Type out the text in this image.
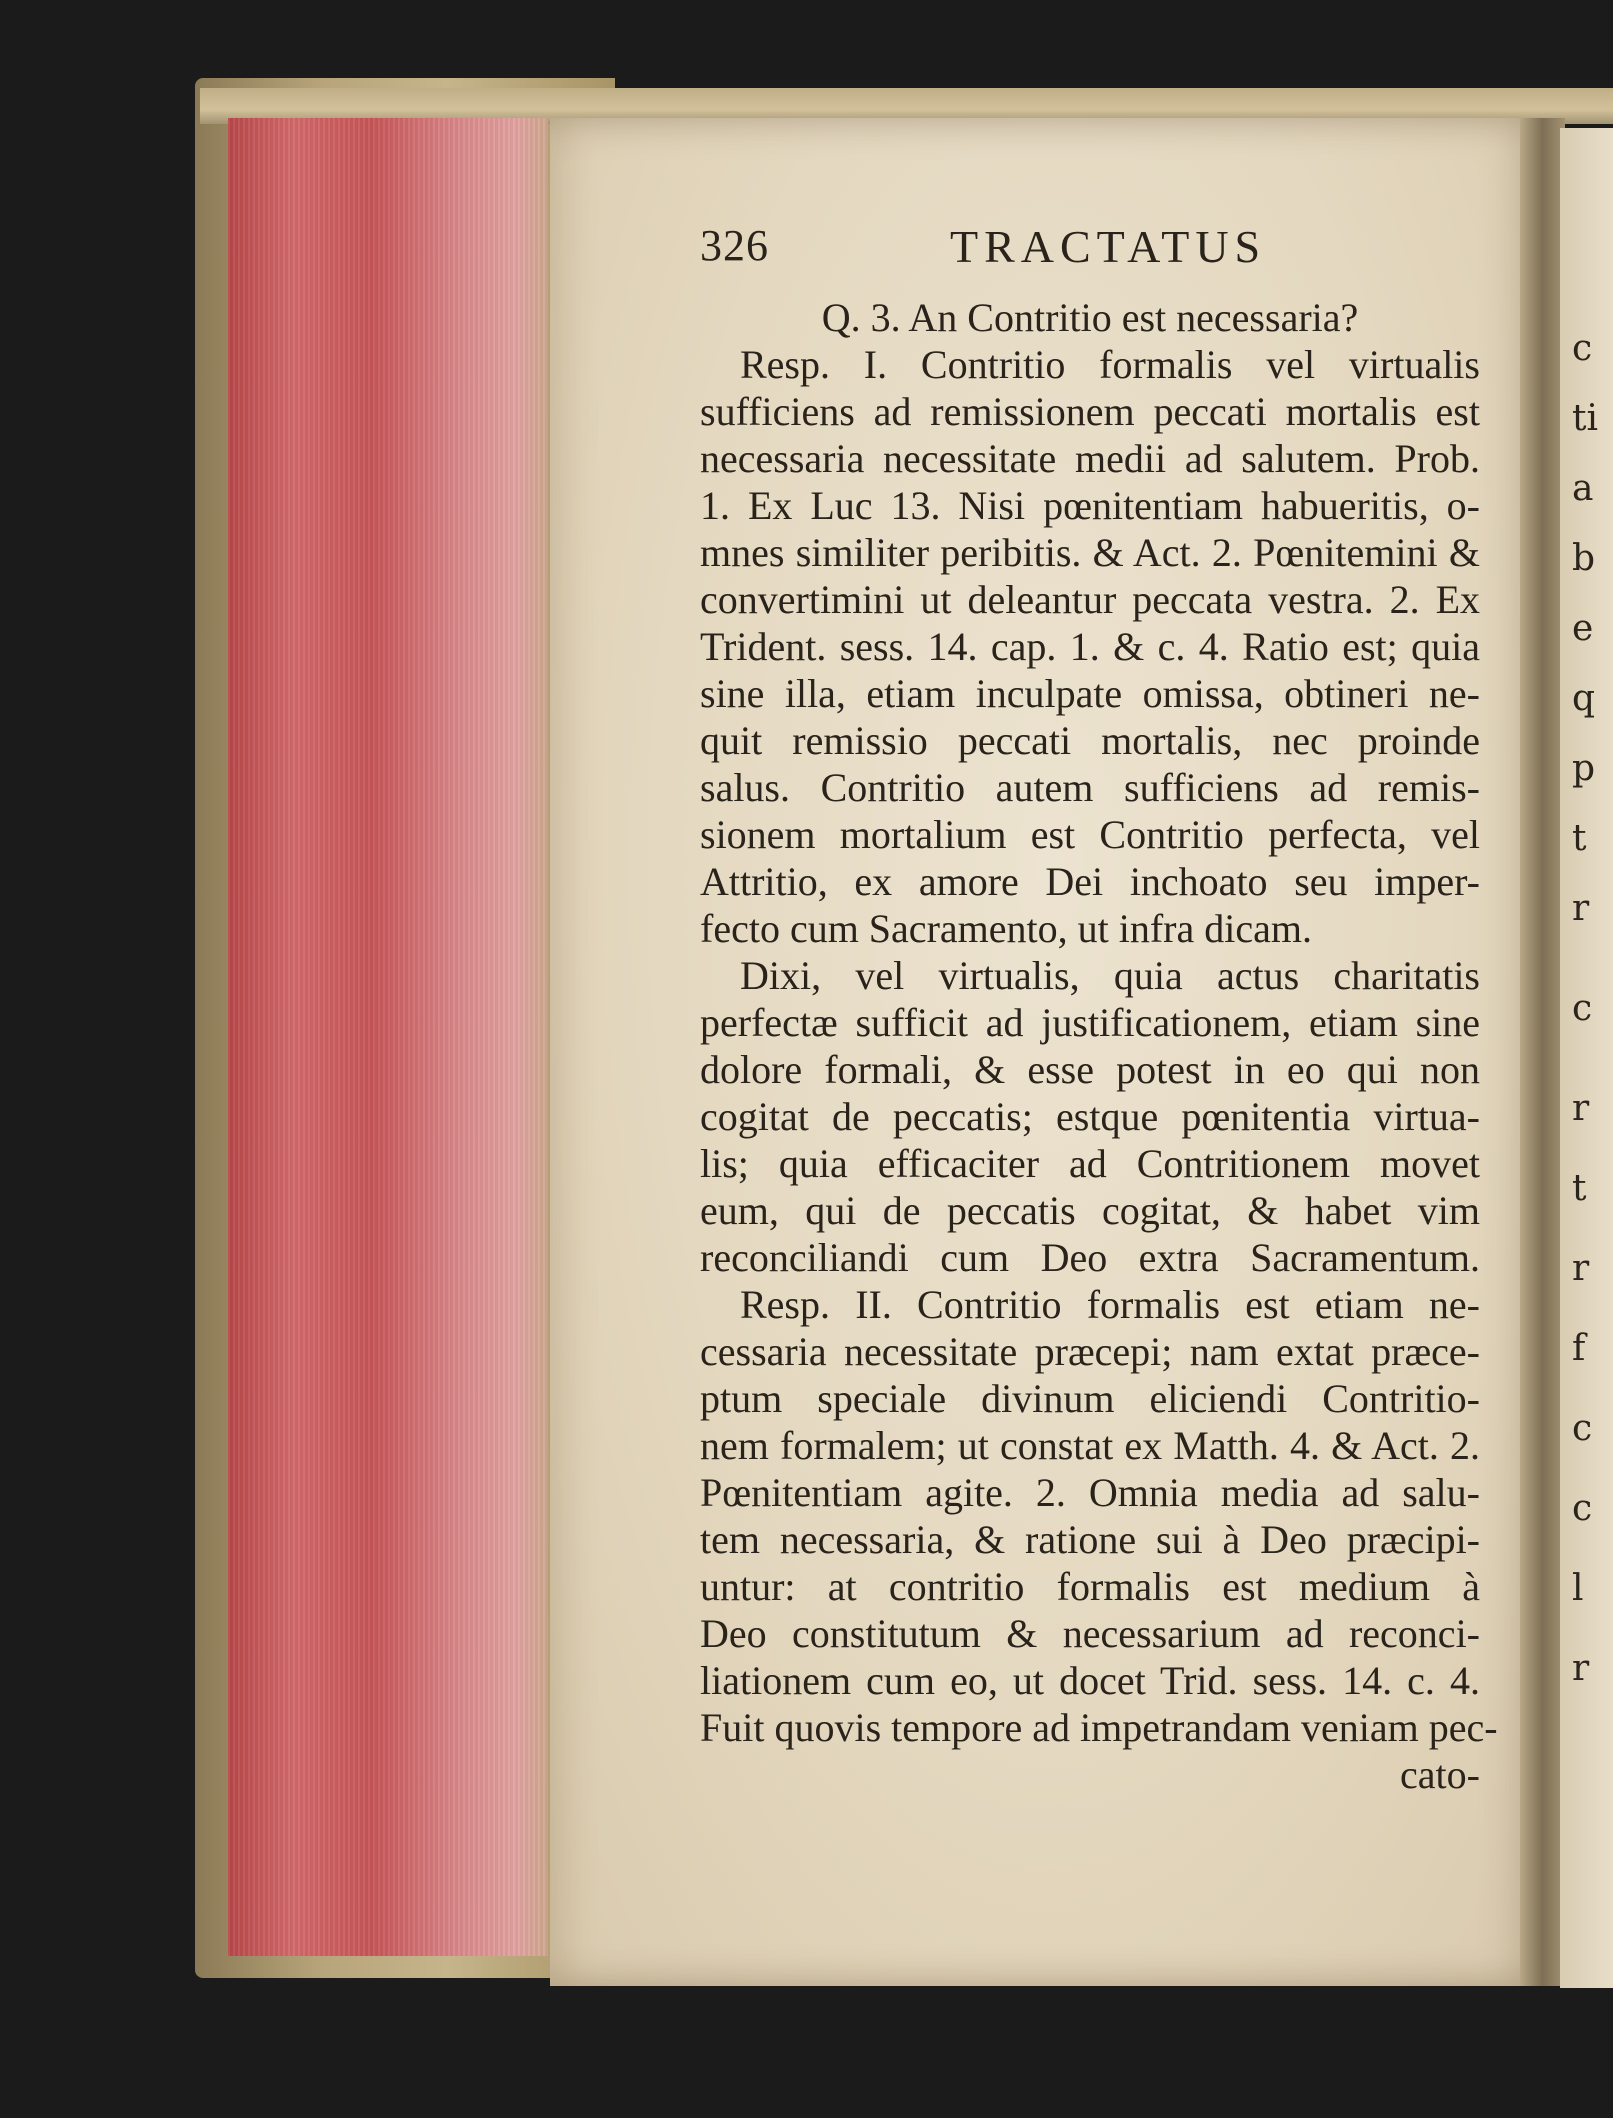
c
ti
a
b
e
q
p
t
r
c
r
t
r
f
c
c
l
r
326	TRACTATUS
Q. 3. An Contritio est necessaria?
Resp. I. Contritio formalis vel virtualis
sufficiens ad remissionem peccati mortalis est
necessaria necessitate medii ad salutem. Prob.
1. Ex Luc 13. Nisi pœnitentiam habueritis, o-
mnes similiter peribitis. & Act. 2. Pœnitemini &
convertimini ut deleantur peccata vestra. 2. Ex
Trident. sess. 14. cap. 1. & c. 4. Ratio est; quia
sine illa, etiam inculpate omissa, obtineri ne-
quit remissio peccati mortalis, nec proinde
salus. Contritio autem sufficiens ad remis-
sionem mortalium est Contritio perfecta, vel
Attritio, ex amore Dei inchoato seu imper-
fecto cum Sacramento, ut infra dicam.
Dixi, vel virtualis, quia actus charitatis
perfectæ sufficit ad justificationem, etiam sine
dolore formali, & esse potest in eo qui non
cogitat de peccatis; estque pœnitentia virtua-
lis; quia efficaciter ad Contritionem movet
eum, qui de peccatis cogitat, & habet vim
reconciliandi cum Deo extra Sacramentum.
Resp. II. Contritio formalis est etiam ne-
cessaria necessitate præcepi; nam extat præce-
ptum speciale divinum eliciendi Contritio-
nem formalem; ut constat ex Matth. 4. & Act. 2.
Pœnitentiam agite. 2. Omnia media ad salu-
tem necessaria, & ratione sui à Deo præcipi-
untur: at contritio formalis est medium à
Deo constitutum & necessarium ad reconci-
liationem cum eo, ut docet Trid. sess. 14. c. 4.
Fuit quovis tempore ad impetrandam veniam pec-
cato-
